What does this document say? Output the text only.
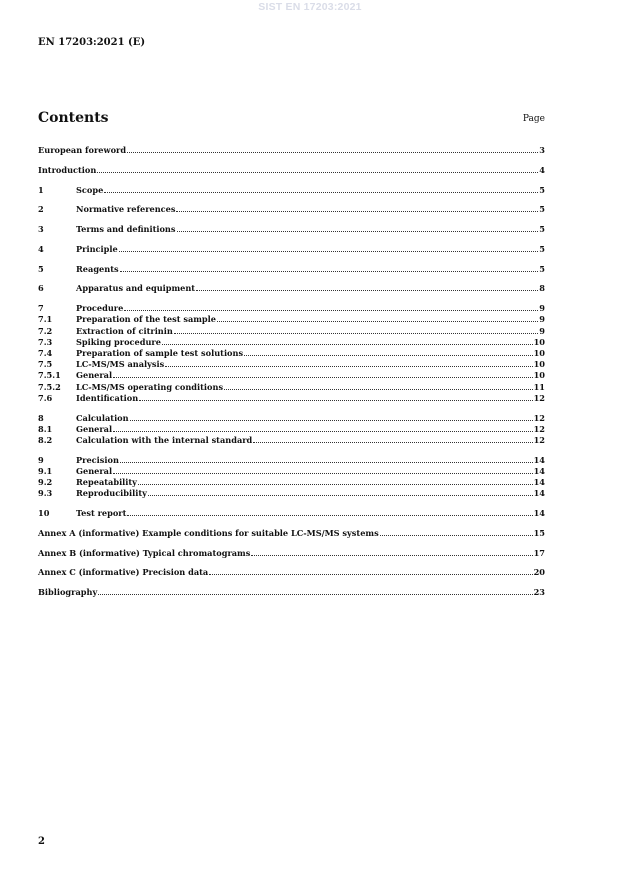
SIST EN 17203:2021
EN 17203:2021 (E)
Contents	Page
European foreword	3
Introduction	4
1	Scope	5
2	Normative references	5
3	Terms and definitions	5
4	Principle	5
5	Reagents	5
6	Apparatus and equipment	8
7	Procedure	9
7.1	Preparation of the test sample	9
7.2	Extraction of citrinin	9
7.3	Spiking procedure	10
7.4	Preparation of sample test solutions	10
7.5	LC-MS/MS analysis	10
7.5.1	General	10
7.5.2	LC-MS/MS operating conditions	11
7.6	Identification	12
8	Calculation	12
8.1	General	12
8.2	Calculation with the internal standard	12
9	Precision	14
9.1	General	14
9.2	Repeatability	14
9.3	Reproducibility	14
10	Test report	14
Annex A (informative) Example conditions for suitable LC-MS/MS systems	15
Annex B (informative) Typical chromatograms	17
Annex C (informative) Precision data	20
Bibliography	23
2
